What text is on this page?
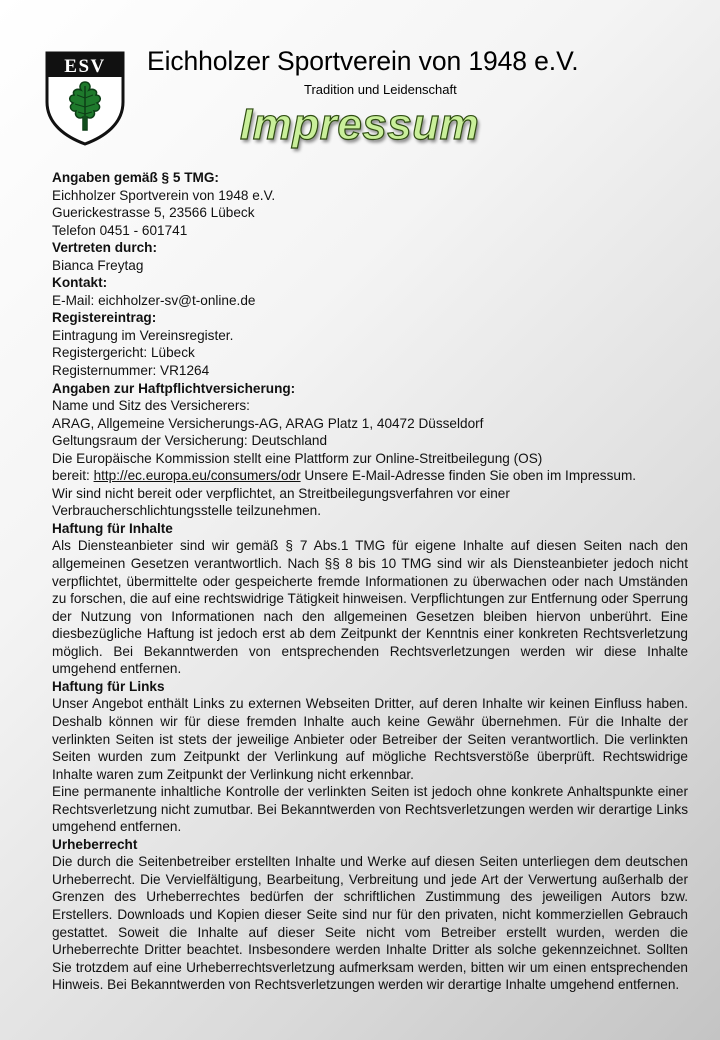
ESV Eichholzer Sportverein von 1948 e.V.
Tradition und Leidenschaft
Impressum
Angaben gemäß § 5 TMG:
Eichholzer Sportverein von 1948 e.V.
Guerickestrasse 5, 23566 Lübeck
Telefon 0451 - 601741
Vertreten durch:
Bianca Freytag
Kontakt:
E-Mail: eichholzer-sv@t-online.de
Registereintrag:
Eintragung im Vereinsregister.
Registergericht: Lübeck
Registernummer: VR1264
Angaben zur Haftpflichtversicherung:
Name und Sitz des Versicherers:
ARAG, Allgemeine Versicherungs-AG, ARAG Platz 1, 40472 Düsseldorf
Geltungsraum der Versicherung: Deutschland
Die Europäische Kommission stellt eine Plattform zur Online-Streitbeilegung (OS)
bereit: http://ec.europa.eu/consumers/odr Unsere E-Mail-Adresse finden Sie oben im Impressum.
Wir sind nicht bereit oder verpflichtet, an Streitbeilegungsverfahren vor einer
Verbraucherschlichtungsstelle teilzunehmen.
Haftung für Inhalte
Als Diensteanbieter sind wir gemäß § 7 Abs.1 TMG für eigene Inhalte auf diesen Seiten nach den allgemeinen Gesetzen verantwortlich. Nach §§ 8 bis 10 TMG sind wir als Diensteanbieter jedoch nicht verpflichtet, übermittelte oder gespeicherte fremde Informationen zu überwachen oder nach Umständen zu forschen, die auf eine rechtswidrige Tätigkeit hinweisen. Verpflichtungen zur Entfernung oder Sperrung der Nutzung von Informationen nach den allgemeinen Gesetzen bleiben hiervon unberührt. Eine diesbezügliche Haftung ist jedoch erst ab dem Zeitpunkt der Kenntnis einer konkreten Rechtsverletzung möglich. Bei Bekanntwerden von entsprechenden Rechtsverletzungen werden wir diese Inhalte umgehend entfernen.
Haftung für Links
Unser Angebot enthält Links zu externen Webseiten Dritter, auf deren Inhalte wir keinen Einfluss haben. Deshalb können wir für diese fremden Inhalte auch keine Gewähr übernehmen. Für die Inhalte der verlinkten Seiten ist stets der jeweilige Anbieter oder Betreiber der Seiten verantwortlich. Die verlinkten Seiten wurden zum Zeitpunkt der Verlinkung auf mögliche Rechtsverstöße überprüft. Rechtswidrige Inhalte waren zum Zeitpunkt der Verlinkung nicht erkennbar.
Eine permanente inhaltliche Kontrolle der verlinkten Seiten ist jedoch ohne konkrete Anhaltspunkte einer Rechtsverletzung nicht zumutbar. Bei Bekanntwerden von Rechtsverletzungen werden wir derartige Links umgehend entfernen.
Urheberrecht
Die durch die Seitenbetreiber erstellten Inhalte und Werke auf diesen Seiten unterliegen dem deutschen Urheberrecht. Die Vervielfältigung, Bearbeitung, Verbreitung und jede Art der Verwertung außerhalb der Grenzen des Urheberrechtes bedürfen der schriftlichen Zustimmung des jeweiligen Autors bzw. Erstellers. Downloads und Kopien dieser Seite sind nur für den privaten, nicht kommerziellen Gebrauch gestattet. Soweit die Inhalte auf dieser Seite nicht vom Betreiber erstellt wurden, werden die Urheberrechte Dritter beachtet. Insbesondere werden Inhalte Dritter als solche gekennzeichnet. Sollten Sie trotzdem auf eine Urheberrechtsverletzung aufmerksam werden, bitten wir um einen entsprechenden Hinweis. Bei Bekanntwerden von Rechtsverletzungen werden wir derartige Inhalte umgehend entfernen.
